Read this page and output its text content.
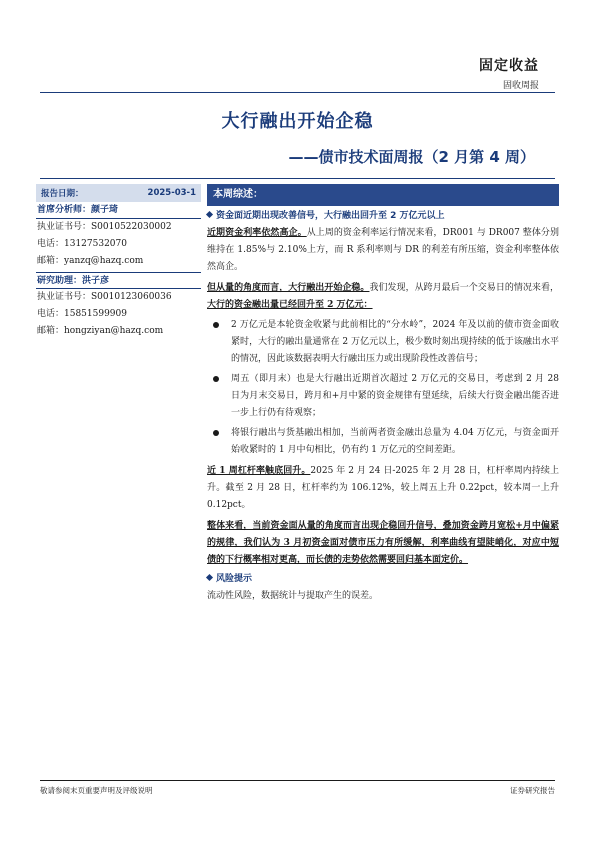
固定收益
固收周报
大行融出开始企稳
——债市技术面周报（2 月第 4 周）
报告日期：	2025-03-1
首席分析师：颜子琦
执业证书号：S0010522030002
电话：13127532070
邮箱：yanzq@hazq.com
研究助理：洪子彦
执业证书号：S0010123060036
电话：15851599909
邮箱：hongziyan@hazq.com
本周综述：
资金面近期出现改善信号，大行融出回升至 2 万亿元以上

近期资金利率依然高企。从上周的资金利率运行情况来看，DR001 与 DR007 整体分别维持在 1.85%与 2.10%上方，而 R 系利率则与 DR 的利差有所压缩，资金利率整体依然高企。

但从量的角度而言，大行融出开始企稳。我们发现，从跨月最后一个交易日的情况来看，大行的资金融出量已经回升至 2 万亿元：

2 万亿元是本轮资金收紧与此前相比的“分水岭”，2024 年及以前的债市资金面收紧时，大行的融出量通常在 2 万亿元以上，极少数时刻出现持续的低于该融出水平的情况，因此该数据表明大行融出压力或出现阶段性改善信号；

周五（即月末）也是大行融出近期首次超过 2 万亿元的交易日，考虑到 2 月 28 日为月末交易日，跨月和+月中紧的资金规律有望延续，后续大行资金融出能否进一步上行仍有待观察；

将银行融出与货基融出相加，当前两者资金融出总量为 4.04 万亿元，与资金面开始收紧时的 1 月中旬相比，仍有约 1 万亿元的空间差距。

近 1 周杠杆率触底回升。2025 年 2 月 24 日-2025 年 2 月 28 日，杠杆率周内持续上升。截至 2 月 28 日，杠杆率约为 106.12%，较上周五上升 0.22pct，较本周一上升 0.12pct。

整体来看，当前资金面从量的角度而言出现企稳回升信号，叠加资金跨月宽松+月中偏紧的规律，我们认为 3 月初资金面对债市压力有所缓解，利率曲线有望陡峭化，对应中短债的下行概率相对更高，而长债的走势依然需要回归基本面定价。

风险提示

流动性风险，数据统计与提取产生的误差。

敬请参阅末页重要声明及评级说明	证券研究报告
